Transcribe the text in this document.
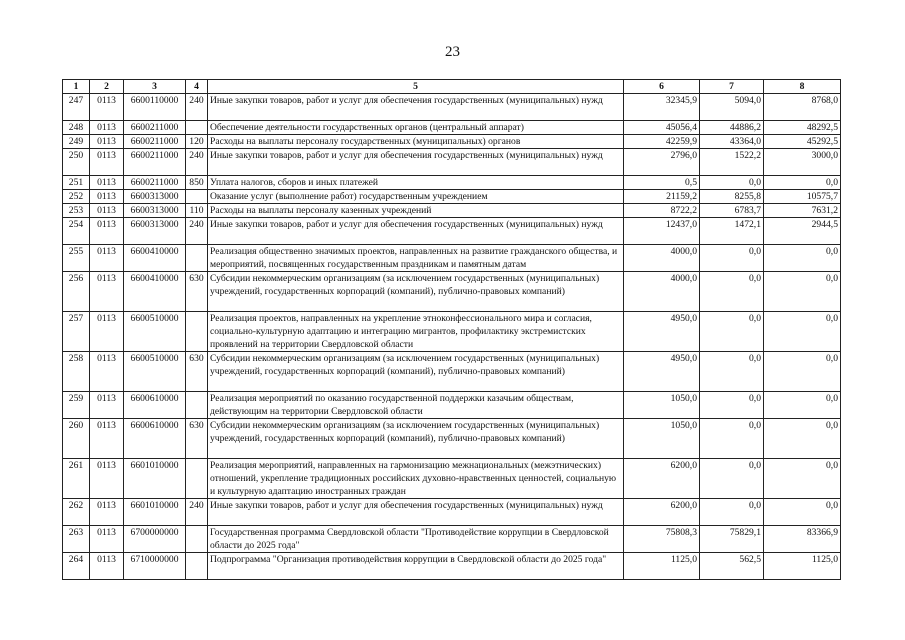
23
1	2	3	4	5	6	7	8
247	0113	6600110000	240	Иные закупки товаров, работ и услуг для обеспечения государственных (муниципальных) нужд	32345,9	5094,0	8768,0
248	0113	6600211000		Обеспечение деятельности государственных органов (центральный аппарат)	45056,4	44886,2	48292,5
249	0113	6600211000	120	Расходы на выплаты персоналу государственных (муниципальных) органов	42259,9	43364,0	45292,5
250	0113	6600211000	240	Иные закупки товаров, работ и услуг для обеспечения государственных (муниципальных) нужд	2796,0	1522,2	3000,0
251	0113	6600211000	850	Уплата налогов, сборов и иных платежей	0,5	0,0	0,0
252	0113	6600313000		Оказание услуг (выполнение работ) государственным учреждением	21159,2	8255,8	10575,7
253	0113	6600313000	110	Расходы на выплаты персоналу казенных учреждений	8722,2	6783,7	7631,2
254	0113	6600313000	240	Иные закупки товаров, работ и услуг для обеспечения государственных (муниципальных) нужд	12437,0	1472,1	2944,5
255	0113	6600410000		Реализация общественно значимых проектов, направленных на развитие гражданского общества, и мероприятий, посвященных государственным праздникам и памятным датам	4000,0	0,0	0,0
256	0113	6600410000	630	Субсидии некоммерческим организациям (за исключением государственных (муниципальных) учреждений, государственных корпораций (компаний), публично-правовых компаний)	4000,0	0,0	0,0
257	0113	6600510000		Реализация проектов, направленных на укрепление этноконфессионального мира и согласия, социально-культурную адаптацию и интеграцию мигрантов, профилактику экстремистских проявлений на территории Свердловской области	4950,0	0,0	0,0
258	0113	6600510000	630	Субсидии некоммерческим организациям (за исключением государственных (муниципальных) учреждений, государственных корпораций (компаний), публично-правовых компаний)	4950,0	0,0	0,0
259	0113	6600610000		Реализация мероприятий по оказанию государственной поддержки казачьим обществам, действующим на территории Свердловской области	1050,0	0,0	0,0
260	0113	6600610000	630	Субсидии некоммерческим организациям (за исключением государственных (муниципальных) учреждений, государственных корпораций (компаний), публично-правовых компаний)	1050,0	0,0	0,0
261	0113	6601010000		Реализация мероприятий, направленных на гармонизацию межнациональных (межэтнических) отношений, укрепление традиционных российских духовно-нравственных ценностей, социальную и культурную адаптацию иностранных граждан	6200,0	0,0	0,0
262	0113	6601010000	240	Иные закупки товаров, работ и услуг для обеспечения государственных (муниципальных) нужд	6200,0	0,0	0,0
263	0113	6700000000		Государственная программа Свердловской области "Противодействие коррупции в Свердловской области до 2025 года"	75808,3	75829,1	83366,9
264	0113	6710000000		Подпрограмма "Организация противодействия коррупции в Свердловской области до 2025 года"	1125,0	562,5	1125,0
